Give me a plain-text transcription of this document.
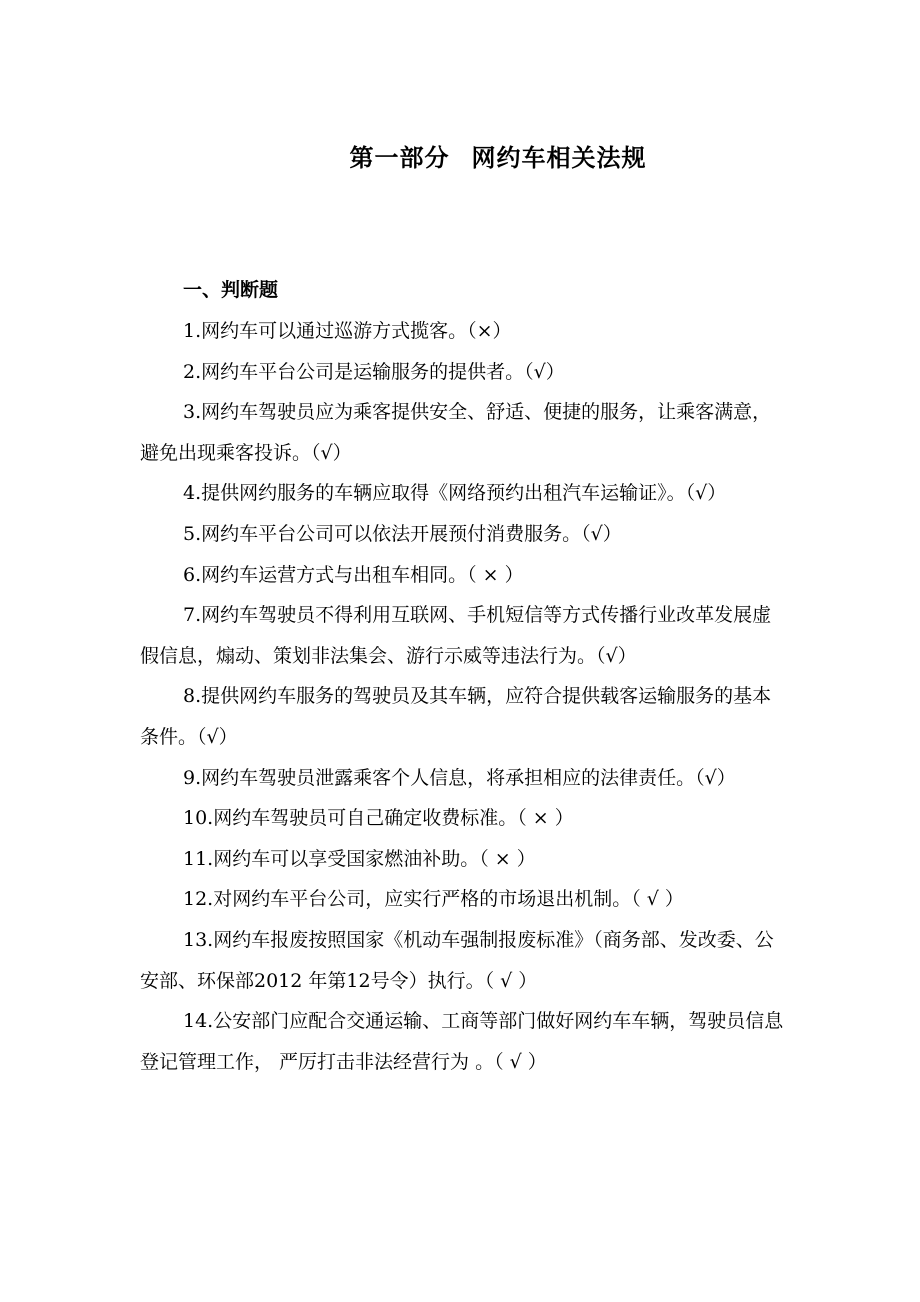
第一部分 网约车相关法规
一、判断题

1.网约车可以通过巡游方式揽客。（×）

2.网约车平台公司是运输服务的提供者。（√）

3.网约车驾驶员应为乘客提供安全、舒适、便捷的服务，让乘客满意，避免出现乘客投诉。（√）

4.提供网约服务的车辆应取得《网络预约出租汽车运输证》。（√）

5.网约车平台公司可以依法开展预付消费服务。（√）

6.网约车运营方式与出租车相同。（ × ）

7.网约车驾驶员不得利用互联网、手机短信等方式传播行业改革发展虚假信息，煽动、策划非法集会、游行示威等违法行为。（√）

8.提供网约车服务的驾驶员及其车辆，应符合提供载客运输服务的基本条件。（√）

9.网约车驾驶员泄露乘客个人信息，将承担相应的法律责任。（√）

10.网约车驾驶员可自己确定收费标准。（ × ）

11.网约车可以享受国家燃油补助。（ × ）

12.对网约车平台公司，应实行严格的市场退出机制。（ √ ）

13.网约车报废按照国家《机动车强制报废标准》（商务部、发改委、公安部、环保部2012 年第12号令）执行。（ √ ）

14.公安部门应配合交通运输、工商等部门做好网约车车辆，驾驶员信息登记管理工作， 严厉打击非法经营行为 。（ √ ）
